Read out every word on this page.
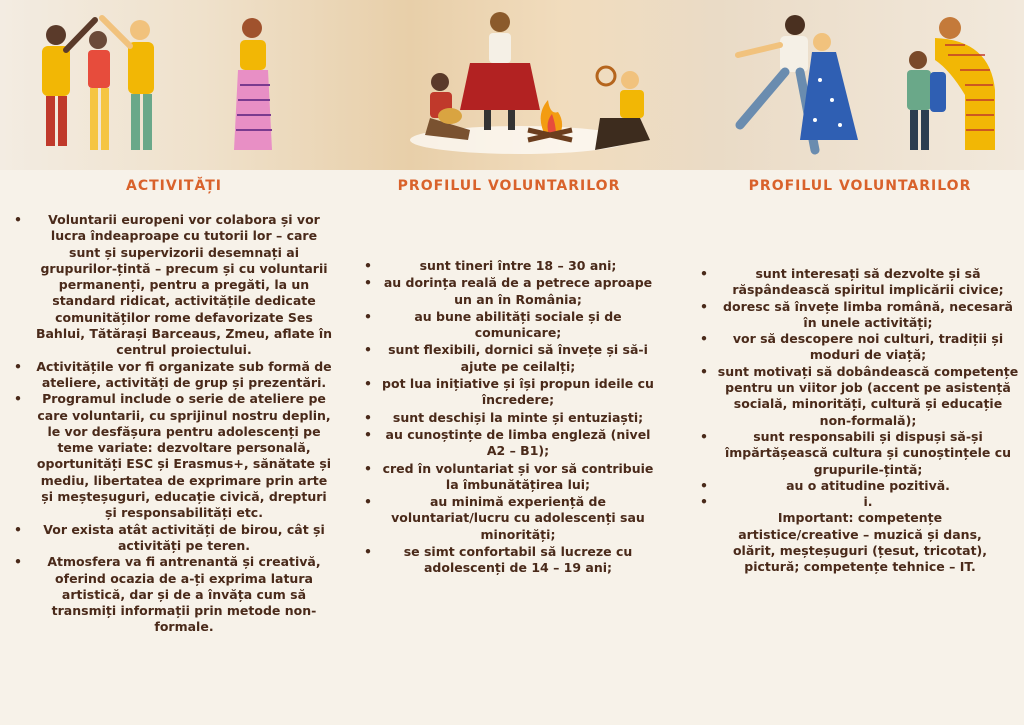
ACTIVITĂȚI
•	Voluntarii europeni vor colabora și vor lucra îndeaproape cu tutorii lor – care sunt și supervizorii desemnați ai grupurilor-țintă – precum și cu voluntarii permanenți, pentru a pregăti, la un standard ridicat, activitățile dedicate comunităților rome defavorizate Ses Bahlui, Tătărași Barceaus, Zmeu, aflate în centrul proiectului.
•	Activitățile vor fi organizate sub formă de ateliere, activități de grup și prezentări.
•	Programul include o serie de ateliere pe care voluntarii, cu sprijinul nostru deplin, le vor desfășura pentru adolescenți pe teme variate: dezvoltare personală, oportunități ESC și Erasmus+, sănătate și mediu, libertatea de exprimare prin arte și meșteșuguri, educație civică, drepturi și responsabilități etc.
•	Vor exista atât activități de birou, cât și activități pe teren.
•	Atmosfera va fi antrenantă și creativă, oferind ocazia de a-ți exprima latura artistică, dar și de a învăța cum să transmiți informații prin metode non-formale.
PROFILUL VOLUNTARILOR
•	sunt tineri între 18 – 30 ani;
• au dorința reală de a petrece aproape un an în România;
•	au bune abilități sociale și de comunicare;
•	sunt flexibili, dornici să învețe și să-i ajute pe ceilalți;
• pot lua inițiative și își propun ideile cu încredere;
•	sunt deschiși la minte și entuziaști;
•	au cunoștințe de limba engleză (nivel A2 – B1);
• cred în voluntariat și vor să contribuie la îmbunătățirea lui;
•	au minimă experiență de voluntariat/lucru cu adolescenți sau minorități;
•	se simt confortabil să lucreze cu adolescenți de 14 – 19 ani;
PROFILUL VOLUNTARILOR
•	sunt interesați să dezvolte și să răspândească spiritul implicării civice;
•	doresc să învețe limba română, necesară în unele activități;
•	vor să descopere noi culturi, tradiții și moduri de viață;
• sunt motivați să dobândească competențe pentru un viitor job (accent pe asistență socială, minorități, cultură și educație non-formală);
•	sunt responsabili și dispuși să-și împărtășească cultura și cunoștințele cu grupurile-țintă;
•	au o atitudine pozitivă.
•	i.
Important: competențe artistice/creative – muzică și dans, olărit, meșteșuguri (țesut, tricotat), pictură; competențe tehnice – IT.
